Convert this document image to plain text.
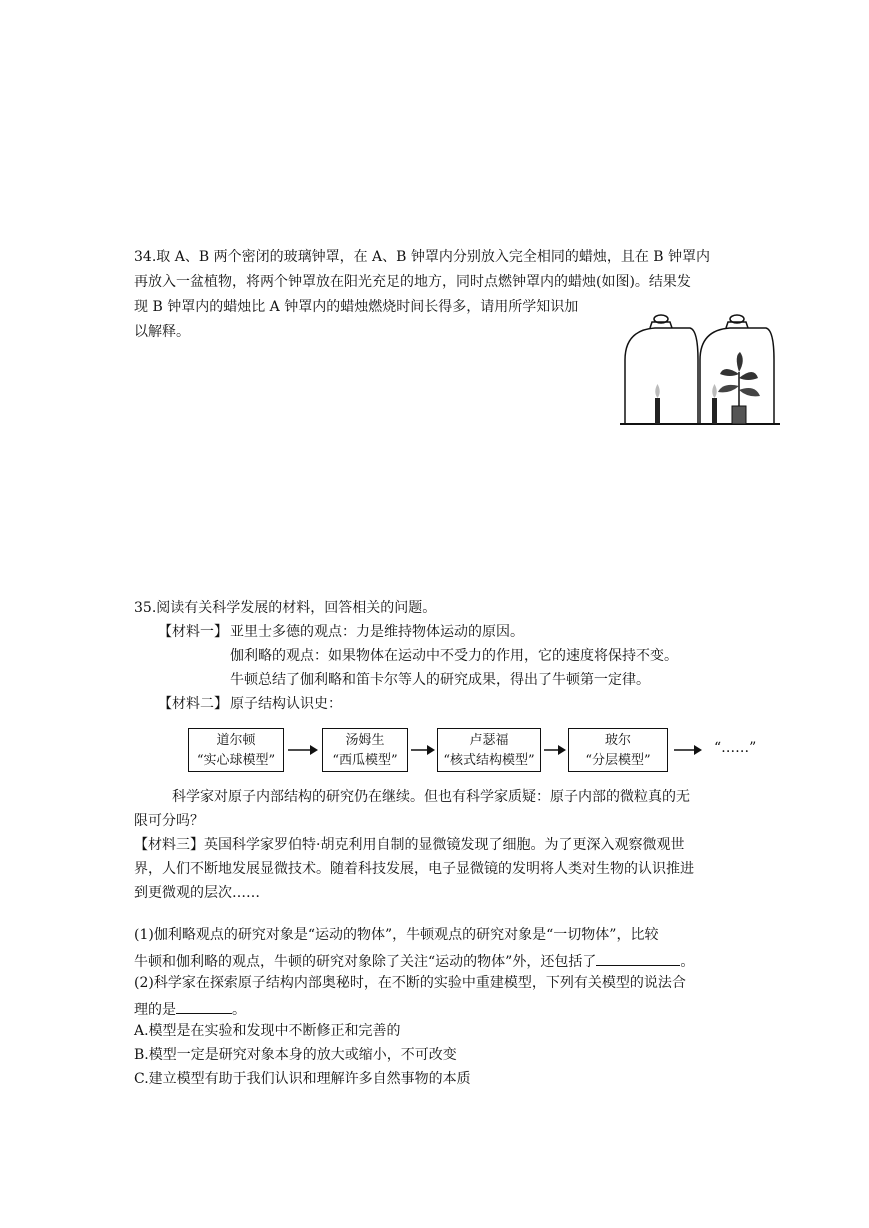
34.取 A、B 两个密闭的玻璃钟罩，在 A、B 钟罩内分别放入完全相同的蜡烛，且在 B 钟罩内
再放入一盆植物，将两个钟罩放在阳光充足的地方，同时点燃钟罩内的蜡烛(如图)。结果发
现 B 钟罩内的蜡烛比 A 钟罩内的蜡烛燃烧时间长得多，请用所学知识加
以解释。
35.阅读有关科学发展的材料，回答相关的问题。
【材料一】 亚里士多德的观点：力是维持物体运动的原因。
伽利略的观点：如果物体在运动中不受力的作用，它的速度将保持不变。
牛顿总结了伽利略和笛卡尔等人的研究成果，得出了牛顿第一定律。
【材料二】 原子结构认识史：
道尔顿
“实心球模型”
汤姆生
“西瓜模型”
卢瑟福
“核式结构模型”
玻尔
“分层模型”
“……”
科学家对原子内部结构的研究仍在继续。但也有科学家质疑：原子内部的微粒真的无
限可分吗？
【材料三】英国科学家罗伯特·胡克利用自制的显微镜发现了细胞。为了更深入观察微观世
界，人们不断地发展显微技术。随着科技发展，电子显微镜的发明将人类对生物的认识推进
到更微观的层次……
(1)伽利略观点的研究对象是“运动的物体”，牛顿观点的研究对象是“一切物体”，比较
牛顿和伽利略的观点，牛顿的研究对象除了关注“运动的物体”外，还包括了	。
(2)科学家在探索原子结构内部奥秘时，在不断的实验中重建模型，下列有关模型的说法合
理的是	。
A.模型是在实验和发现中不断修正和完善的
B.模型一定是研究对象本身的放大或缩小，不可改变
C.建立模型有助于我们认识和理解许多自然事物的本质
